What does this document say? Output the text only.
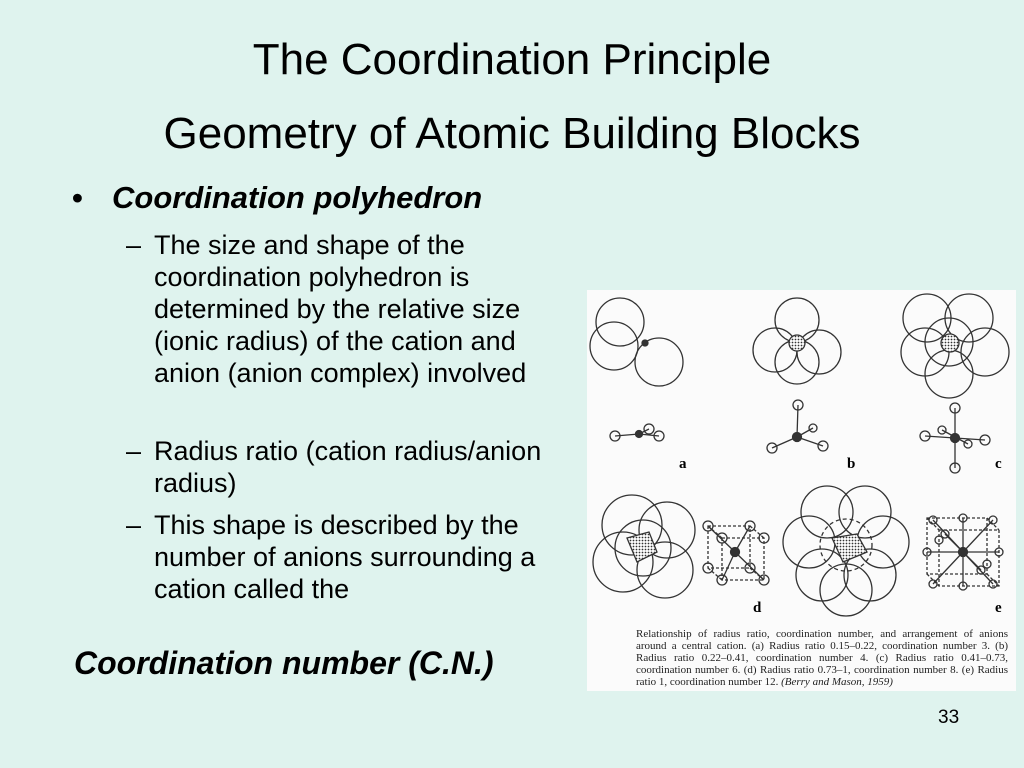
The Coordination Principle
Geometry of Atomic Building Blocks
• Coordination polyhedron
– The size and shape of the coordination polyhedron is determined by the relative size (ionic radius) of the cation and anion (anion complex) involved
– Radius ratio (cation radius/anion radius)
– This shape is described by the number of anions surrounding a cation called the
Coordination number (C.N.)
a	b	c
d	e
Relationship of radius ratio, coordination number, and arrangement of anions around a central cation. (a) Radius ratio 0.15–0.22, coordination number 3. (b) Radius ratio 0.22–0.41, coordination number 4. (c) Radius ratio 0.41–0.73, coordination number 6. (d) Radius ratio 0.73–1, coordination number 8. (e) Radius ratio 1, coordination number 12. (Berry and Mason, 1959)
33
